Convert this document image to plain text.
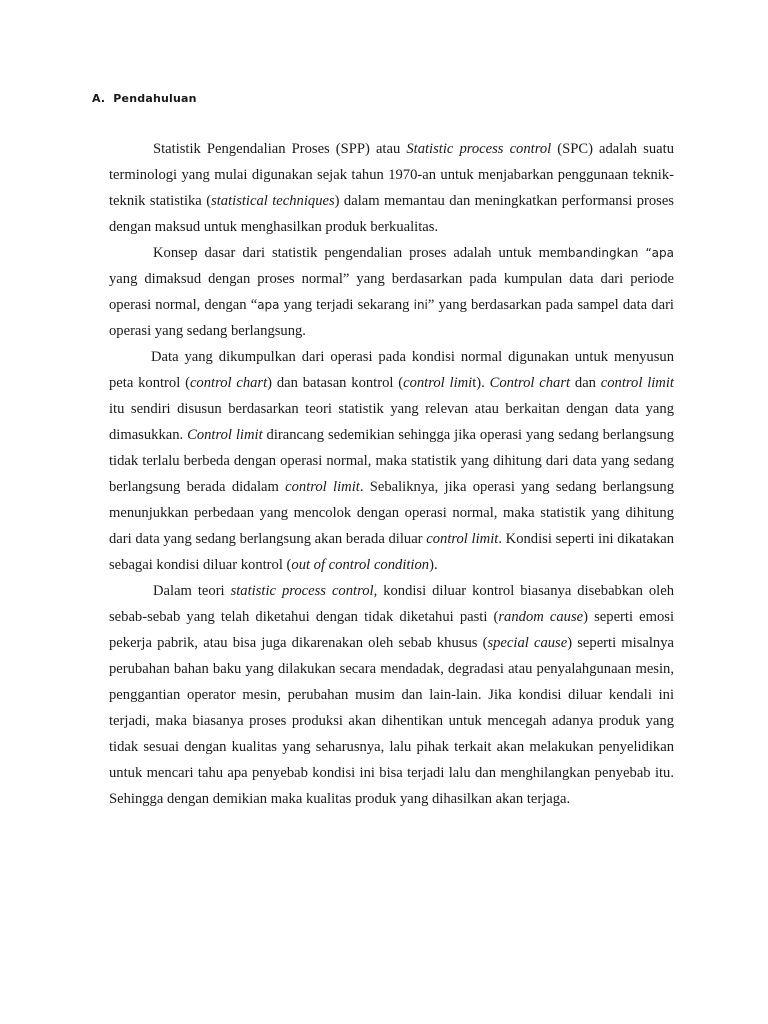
A. Pendahuluan

Statistik Pengendalian Proses (SPP) atau Statistic process control (SPC) adalah suatu terminologi yang mulai digunakan sejak tahun 1970-an untuk menjabarkan penggunaan teknik-teknik statistika (statistical techniques) dalam memantau dan meningkatkan performansi proses dengan maksud untuk menghasilkan produk berkualitas.

Konsep dasar dari statistik pengendalian proses adalah untuk membandingkan “apa yang dimaksud dengan proses normal” yang berdasarkan pada kumpulan data dari periode operasi normal, dengan “apa yang terjadi sekarang ini” yang berdasarkan pada sampel data dari operasi yang sedang berlangsung.

Data yang dikumpulkan dari operasi pada kondisi normal digunakan untuk menyusun peta kontrol (control chart) dan batasan kontrol (control limit). Control chart dan control limit itu sendiri disusun berdasarkan teori statistik yang relevan atau berkaitan dengan data yang dimasukkan. Control limit dirancang sedemikian sehingga jika operasi yang sedang berlangsung tidak terlalu berbeda dengan operasi normal, maka statistik yang dihitung dari data yang sedang berlangsung berada didalam control limit. Sebaliknya, jika operasi yang sedang berlangsung menunjukkan perbedaan yang mencolok dengan operasi normal, maka statistik yang dihitung dari data yang sedang berlangsung akan berada diluar control limit. Kondisi seperti ini dikatakan sebagai kondisi diluar kontrol (out of control condition).

Dalam teori statistic process control, kondisi diluar kontrol biasanya disebabkan oleh sebab-sebab yang telah diketahui dengan tidak diketahui pasti (random cause) seperti emosi pekerja pabrik, atau bisa juga dikarenakan oleh sebab khusus (special cause) seperti misalnya perubahan bahan baku yang dilakukan secara mendadak, degradasi atau penyalahgunaan mesin, penggantian operator mesin, perubahan musim dan lain-lain. Jika kondisi diluar kendali ini terjadi, maka biasanya proses produksi akan dihentikan untuk mencegah adanya produk yang tidak sesuai dengan kualitas yang seharusnya, lalu pihak terkait akan melakukan penyelidikan untuk mencari tahu apa penyebab kondisi ini bisa terjadi lalu dan menghilangkan penyebab itu. Sehingga dengan demikian maka kualitas produk yang dihasilkan akan terjaga.
